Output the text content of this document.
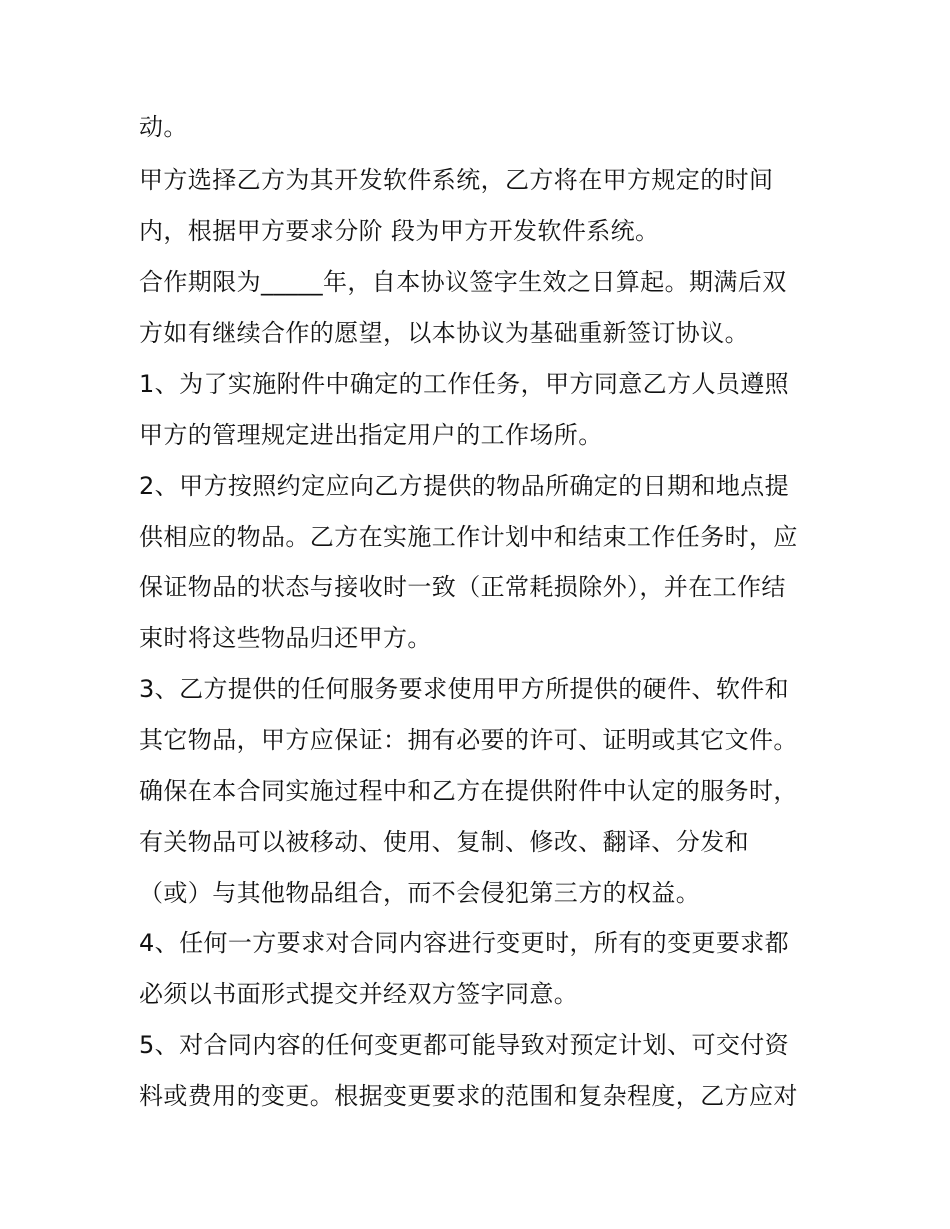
动。
甲方选择乙方为其开发软件系统，乙方将在甲方规定的时间
内，根据甲方要求分阶 段为甲方开发软件系统。
合作期限为_____年，自本协议签字生效之日算起。期满后双
方如有继续合作的愿望，以本协议为基础重新签订协议。
1、为了实施附件中确定的工作任务，甲方同意乙方人员遵照
甲方的管理规定进出指定用户的工作场所。
2、甲方按照约定应向乙方提供的物品所确定的日期和地点提
供相应的物品。乙方在实施工作计划中和结束工作任务时，应
保证物品的状态与接收时一致（正常耗损除外），并在工作结
束时将这些物品归还甲方。
3、乙方提供的任何服务要求使用甲方所提供的硬件、软件和
其它物品，甲方应保证：拥有必要的许可、证明或其它文件。
确保在本合同实施过程中和乙方在提供附件中认定的服务时，
有关物品可以被移动、使用、复制、修改、翻译、分发和
（或）与其他物品组合，而不会侵犯第三方的权益。
4、任何一方要求对合同内容进行变更时，所有的变更要求都
必须以书面形式提交并经双方签字同意。
5、对合同内容的任何变更都可能导致对预定计划、可交付资
料或费用的变更。根据变更要求的范围和复杂程度，乙方应对
